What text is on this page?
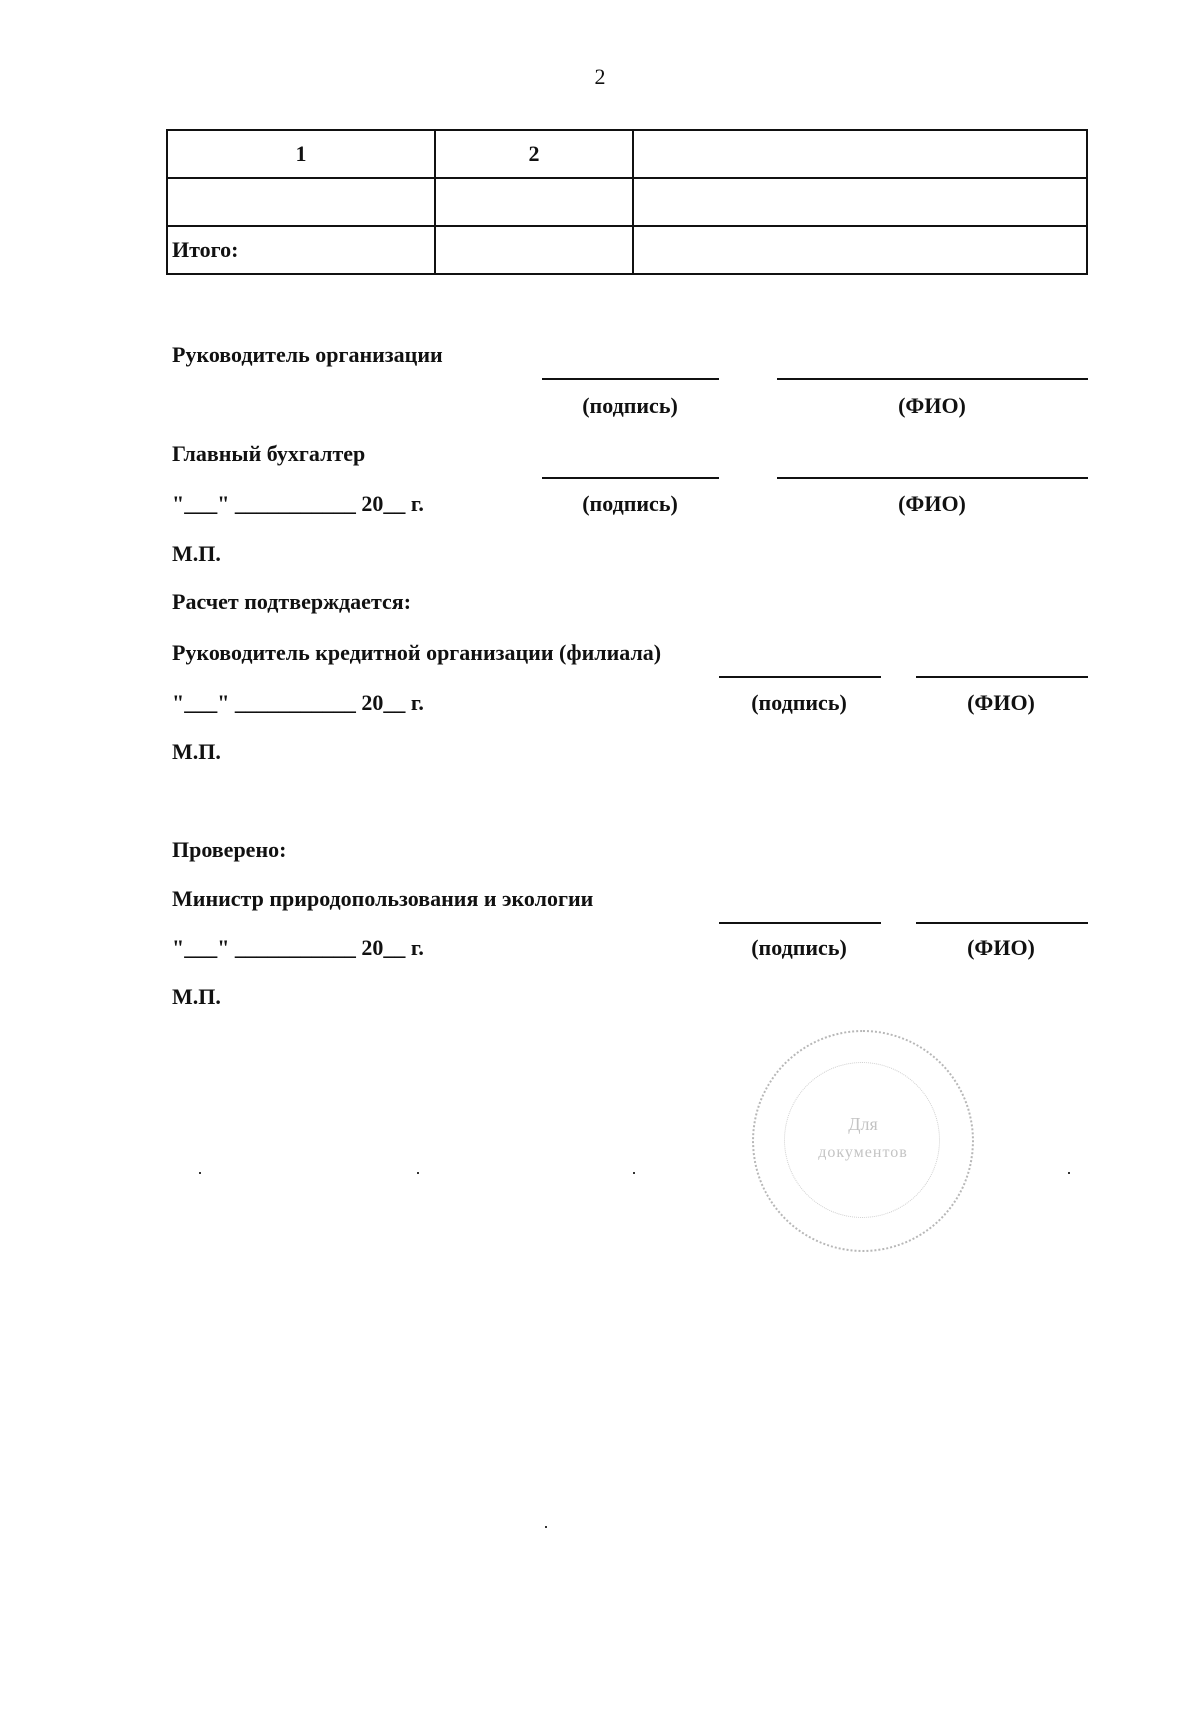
2
1	2	

Итого:		
Руководитель организации
(подпись)	(ФИО)
Главный бухгалтер
"___" ___________ 20__ г.	(подпись)	(ФИО)
М.П.
Расчет подтверждается:
Руководитель кредитной организации (филиала)
"___" ___________ 20__ г.	(подпись)	(ФИО)
М.П.
Проверено:
Министр природопользования и экологии
"___" ___________ 20__ г.	(подпись)	(ФИО)
М.П.
Для
документов
